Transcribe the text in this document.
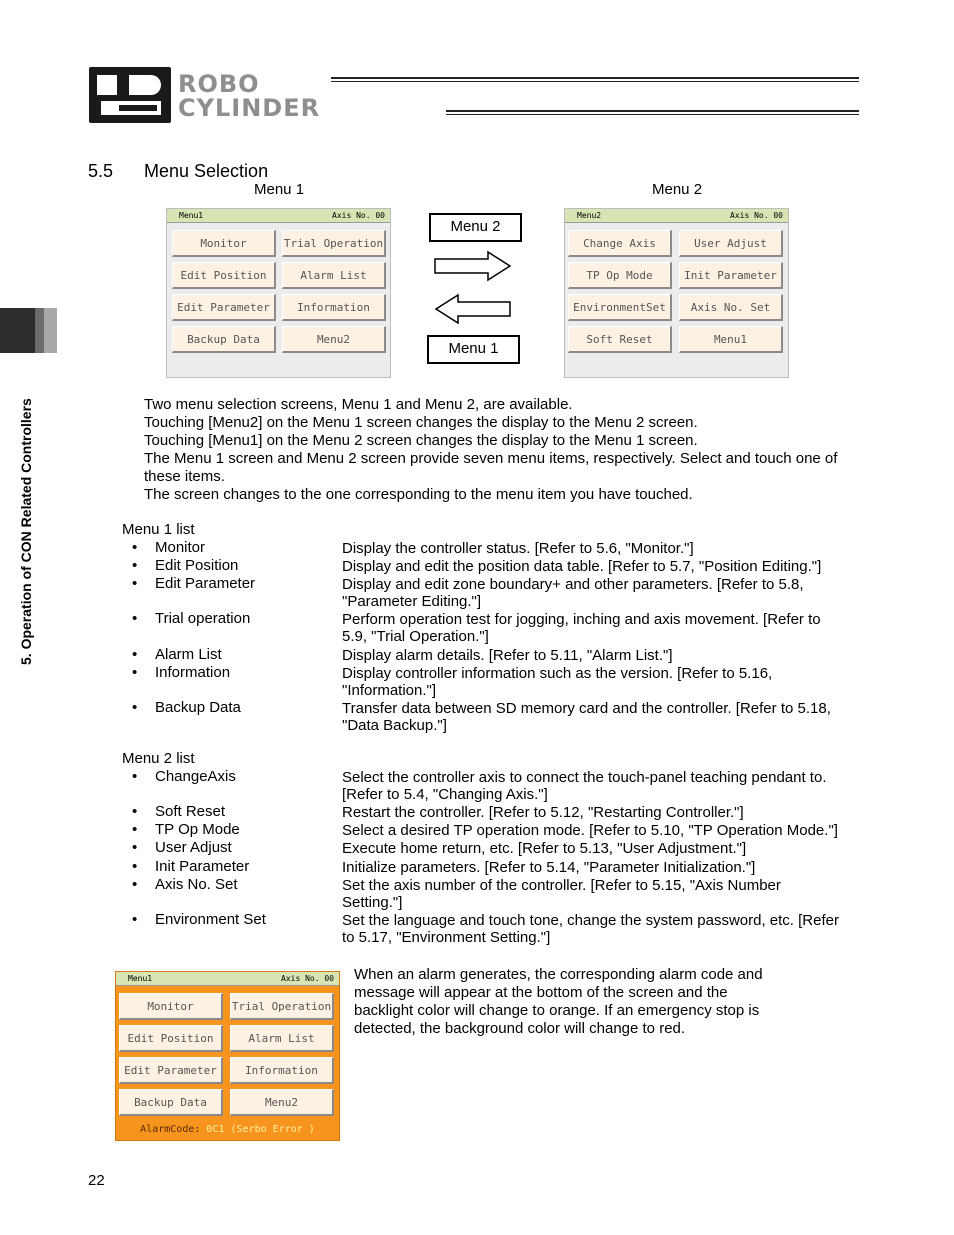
ROBO
CYLINDER
5. Operation of CON Related Controllers
5.5 Menu Selection
Menu 1
Menu1	Axis No. 00
Monitor	Trial Operation
Edit Position	Alarm List
Edit Parameter	Information
Backup Data	Menu2
Menu 2
Menu 1
Menu 2
Menu2	Axis No. 00
Change Axis	User Adjust
TP Op Mode	Init Parameter
EnvironmentSet	Axis No. Set
Soft Reset	Menu1
Two menu selection screens, Menu 1 and Menu 2, are available.
Touching [Menu2] on the Menu 1 screen changes the display to the Menu 2 screen.
Touching [Menu1] on the Menu 2 screen changes the display to the Menu 1 screen.
The Menu 1 screen and Menu 2 screen provide seven menu items, respectively. Select and touch one of
these items.
The screen changes to the one corresponding to the menu item you have touched.
Menu 1 list
• Monitor	Display the controller status. [Refer to 5.6, "Monitor."]
• Edit Position	Display and edit the position data table. [Refer to 5.7, "Position Editing."]
• Edit Parameter	Display and edit zone boundary+ and other parameters. [Refer to 5.8,
"Parameter Editing."]
• Trial operation	Perform operation test for jogging, inching and axis movement. [Refer to
5.9, "Trial Operation."]
• Alarm List	Display alarm details. [Refer to 5.11, "Alarm List."]
• Information	Display controller information such as the version. [Refer to 5.16,
"Information."]
• Backup Data	Transfer data between SD memory card and the controller. [Refer to 5.18,
"Data Backup."]
Menu 2 list
• ChangeAxis	Select the controller axis to connect the touch-panel teaching pendant to.
[Refer to 5.4, "Changing Axis."]
• Soft Reset	Restart the controller. [Refer to 5.12, "Restarting Controller."]
• TP Op Mode	Select a desired TP operation mode. [Refer to 5.10, "TP Operation Mode."]
• User Adjust	Execute home return, etc. [Refer to 5.13, "User Adjustment."]
• Init Parameter	Initialize parameters. [Refer to 5.14, "Parameter Initialization."]
• Axis No. Set	Set the axis number of the controller. [Refer to 5.15, "Axis Number
Setting."]
• Environment Set	Set the language and touch tone, change the system password, etc. [Refer
to 5.17, "Environment Setting."]
Menu1	Axis No. 00
Monitor	Trial Operation
Edit Position	Alarm List
Edit Parameter	Information
Backup Data	Menu2
AlarmCode: 0C1 (Serbo Error )
When an alarm generates, the corresponding alarm code and
message will appear at the bottom of the screen and the
backlight color will change to orange. If an emergency stop is
detected, the background color will change to red.
22
